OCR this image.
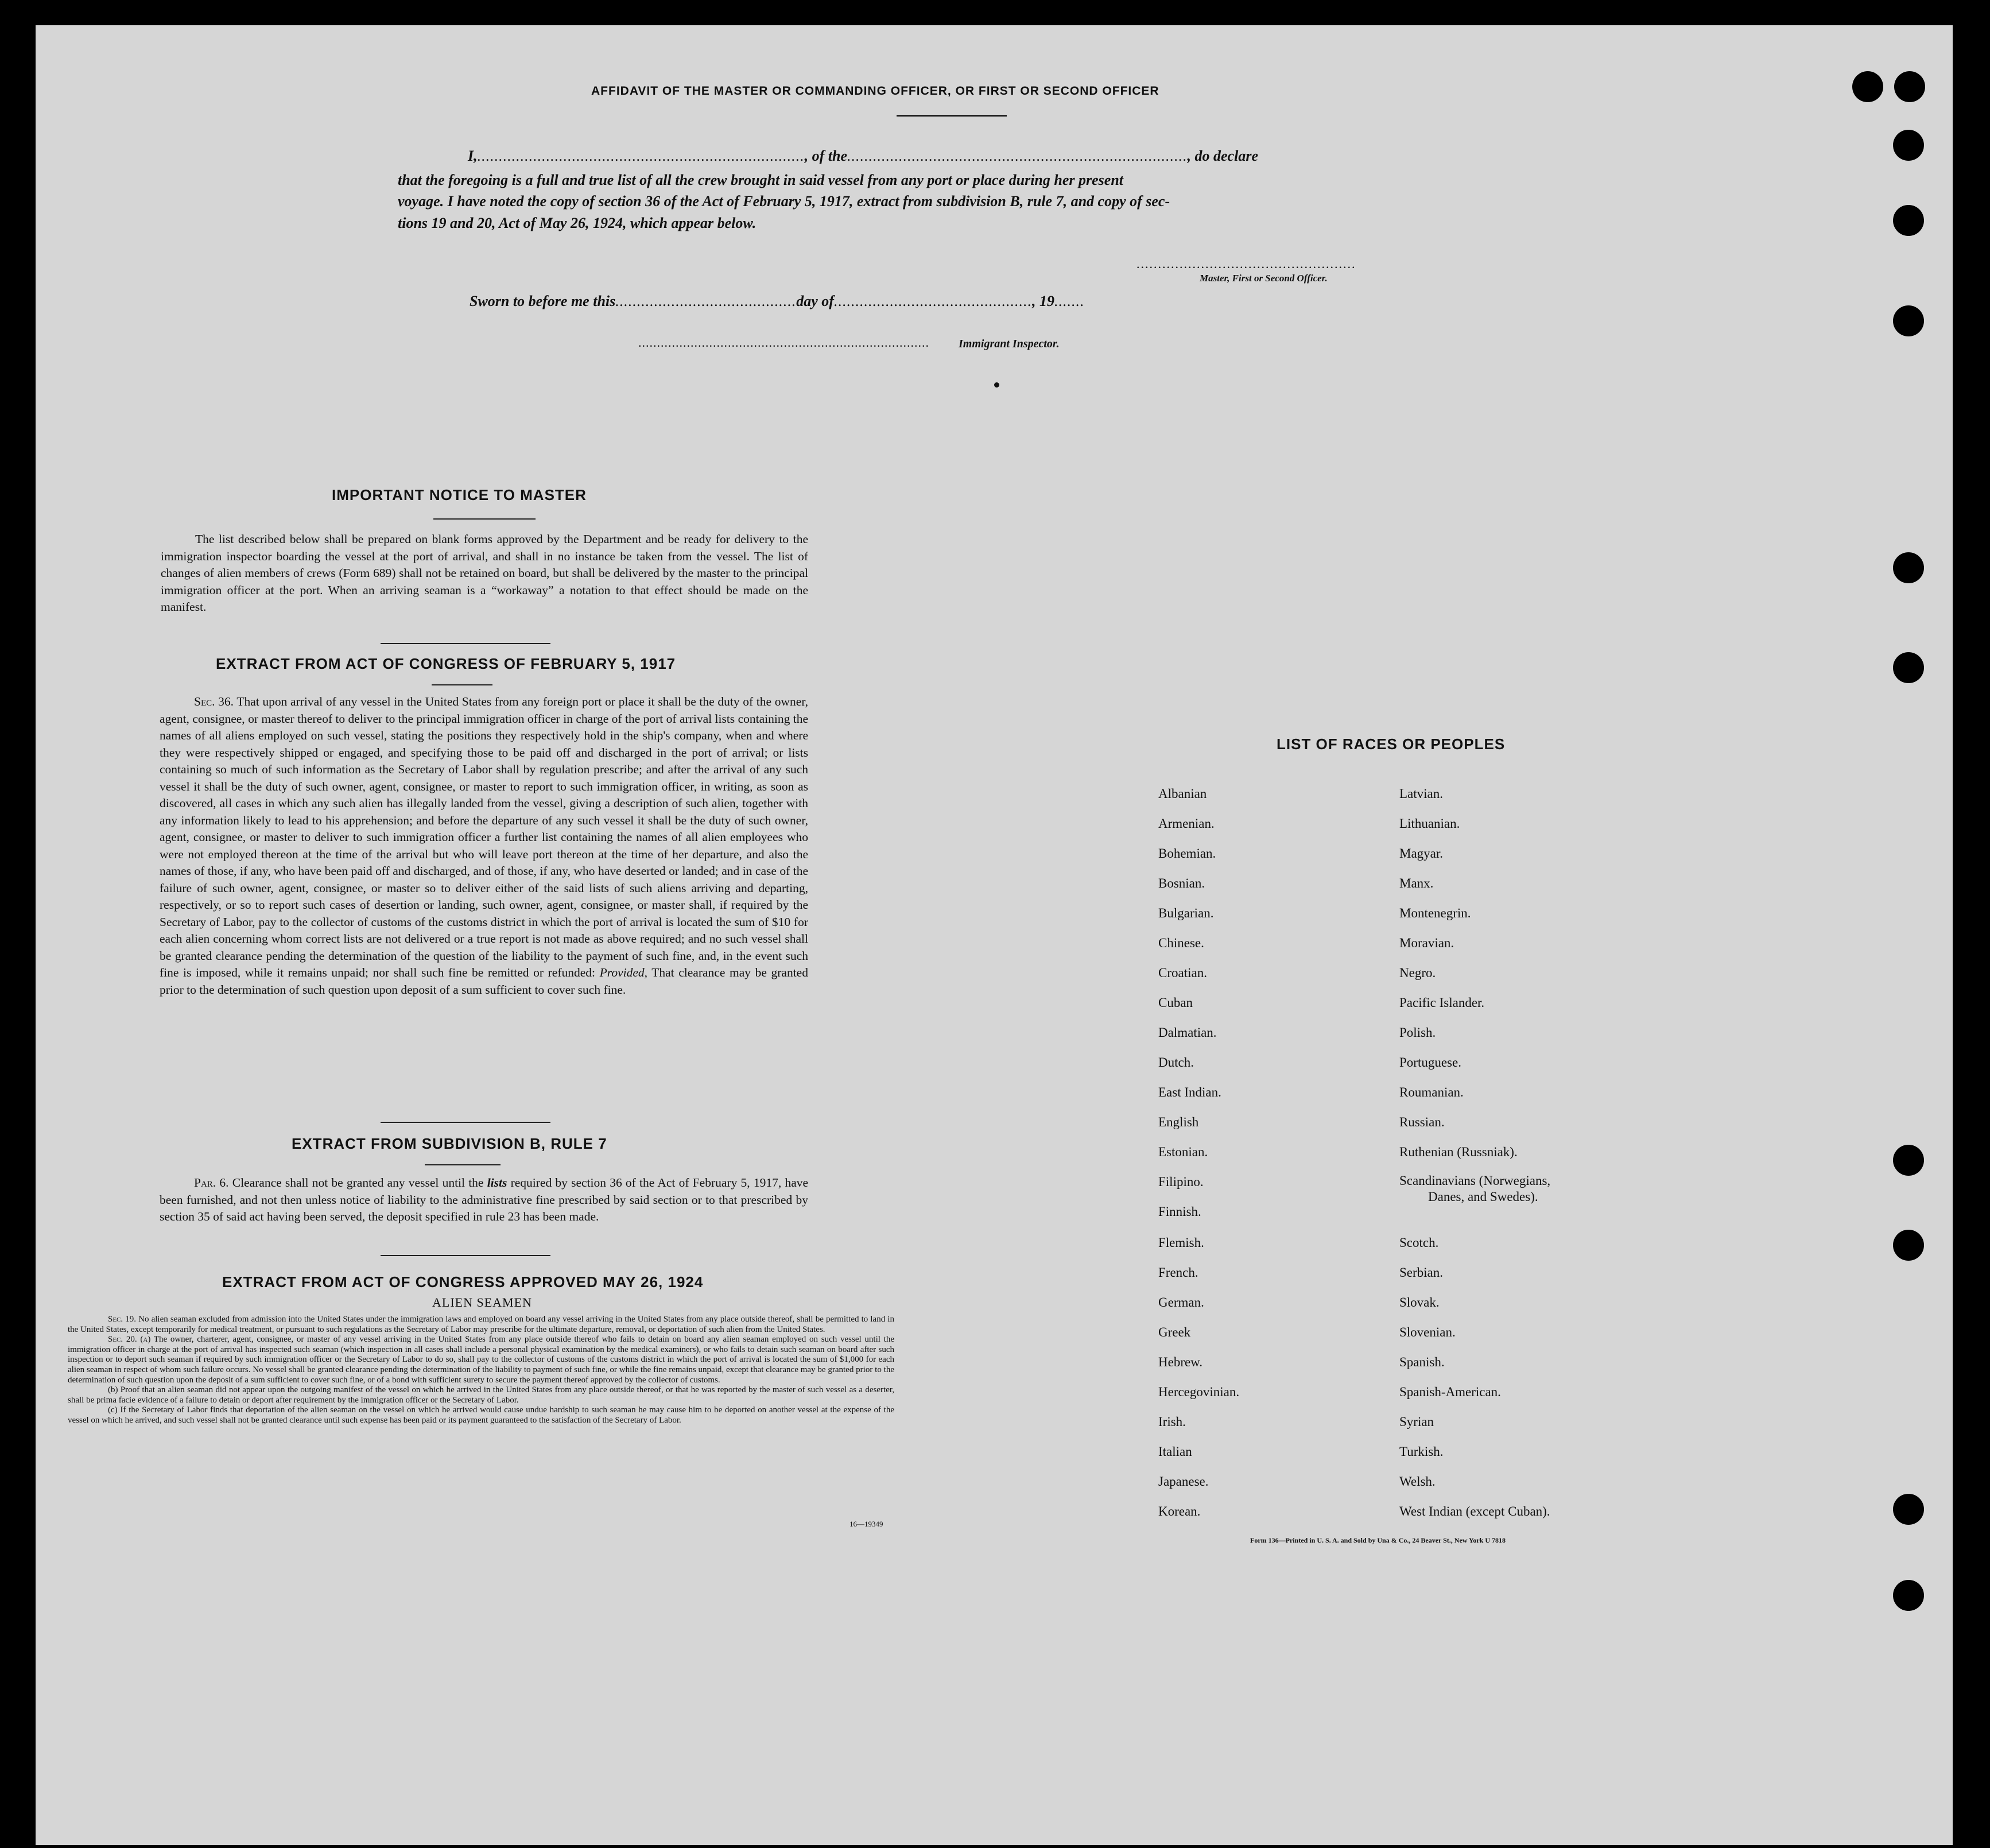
AFFIDAVIT OF THE MASTER OR COMMANDING OFFICER, OR FIRST OR SECOND OFFICER
I,............................................................................, of the..............................................................................., do declare
that the foregoing is a full and true list of all the crew brought in said vessel from any port or place during her present
voyage. I have noted the copy of section 36 of the Act of February 5, 1917, extract from subdivision B, rule 7, and copy of sec-
tions 19 and 20, Act of May 26, 1924, which appear below.
...................................................
Master, First or Second Officer.
Sworn to before me this..........................................day of.............................................., 19.......
..............................................................................	Immigrant Inspector.
IMPORTANT NOTICE TO MASTER
The list described below shall be prepared on blank forms approved by the Department and be ready for delivery to the immigration inspector boarding the vessel at the port of arrival, and shall in no instance be taken from the vessel. The list of changes of alien members of crews (Form 689) shall not be retained on board, but shall be delivered by the master to the principal immigration officer at the port. When an arriving seaman is a “workaway” a notation to that effect should be made on the manifest.
EXTRACT FROM ACT OF CONGRESS OF FEBRUARY 5, 1917
Sec. 36. That upon arrival of any vessel in the United States from any foreign port or place it shall be the duty of the owner, agent, consignee, or master thereof to deliver to the principal immigration officer in charge of the port of arrival lists containing the names of all aliens employed on such vessel, stating the positions they respectively hold in the ship's company, when and where they were respectively shipped or engaged, and specifying those to be paid off and discharged in the port of arrival; or lists containing so much of such information as the Secretary of Labor shall by regulation prescribe; and after the arrival of any such vessel it shall be the duty of such owner, agent, consignee, or master to report to such immigration officer, in writing, as soon as discovered, all cases in which any such alien has illegally landed from the vessel, giving a description of such alien, together with any information likely to lead to his apprehension; and before the departure of any such vessel it shall be the duty of such owner, agent, consignee, or master to deliver to such immigration officer a further list containing the names of all alien employees who were not employed thereon at the time of the arrival but who will leave port thereon at the time of her departure, and also the names of those, if any, who have been paid off and discharged, and of those, if any, who have deserted or landed; and in case of the failure of such owner, agent, consignee, or master so to deliver either of the said lists of such aliens arriving and departing, respectively, or so to report such cases of desertion or landing, such owner, agent, consignee, or master shall, if required by the Secretary of Labor, pay to the collector of customs of the customs district in which the port of arrival is located the sum of $10 for each alien concerning whom correct lists are not delivered or a true report is not made as above required; and no such vessel shall be granted clearance pending the determination of the question of the liability to the payment of such fine, and, in the event such fine is imposed, while it remains unpaid; nor shall such fine be remitted or refunded: Provided, That clearance may be granted prior to the determination of such question upon deposit of a sum sufficient to cover such fine.
EXTRACT FROM SUBDIVISION B, RULE 7
Par. 6. Clearance shall not be granted any vessel until the lists required by section 36 of the Act of February 5, 1917, have been furnished, and not then unless notice of liability to the administrative fine prescribed by said section or to that prescribed by section 35 of said act having been served, the deposit specified in rule 23 has been made.
EXTRACT FROM ACT OF CONGRESS APPROVED MAY 26, 1924
ALIEN SEAMEN
Sec. 19. No alien seaman excluded from admission into the United States under the immigration laws and employed on board any vessel arriving in the United States from any place outside thereof, shall be permitted to land in the United States, except temporarily for medical treatment, or pursuant to such regulations as the Secretary of Labor may prescribe for the ultimate departure, removal, or deportation of such alien from the United States.
Sec. 20. (a) The owner, charterer, agent, consignee, or master of any vessel arriving in the United States from any place outside thereof who fails to detain on board any alien seaman employed on such vessel until the immigration officer in charge at the port of arrival has inspected such seaman (which inspection in all cases shall include a personal physical examination by the medical examiners), or who fails to detain such seaman on board after such inspection or to deport such seaman if required by such immigration officer or the Secretary of Labor to do so, shall pay to the collector of customs of the customs district in which the port of arrival is located the sum of $1,000 for each alien seaman in respect of whom such failure occurs. No vessel shall be granted clearance pending the determination of the liability to payment of such fine, or while the fine remains unpaid, except that clearance may be granted prior to the determination of such question upon the deposit of a sum sufficient to cover such fine, or of a bond with sufficient surety to secure the payment thereof approved by the collector of customs.
(b) Proof that an alien seaman did not appear upon the outgoing manifest of the vessel on which he arrived in the United States from any place outside thereof, or that he was reported by the master of such vessel as a deserter, shall be prima facie evidence of a failure to detain or deport after requirement by the immigration officer or the Secretary of Labor.
(c) If the Secretary of Labor finds that deportation of the alien seaman on the vessel on which he arrived would cause undue hardship to such seaman he may cause him to be deported on another vessel at the expense of the vessel on which he arrived, and such vessel shall not be granted clearance until such expense has been paid or its payment guaranteed to the satisfaction of the Secretary of Labor.
16—19349
LIST OF RACES OR PEOPLES
Albanian
Armenian.
Bohemian.
Bosnian.
Bulgarian.
Chinese.
Croatian.
Cuban
Dalmatian.
Dutch.
East Indian.
English
Estonian.
Filipino.
Finnish.
Flemish.
French.
German.
Greek
Hebrew.
Hercegovinian.
Irish.
Italian
Japanese.
Korean.
Latvian.
Lithuanian.
Magyar.
Manx.
Montenegrin.
Moravian.
Negro.
Pacific Islander.
Polish.
Portuguese.
Roumanian.
Russian.
Ruthenian (Russniak).
Scandinavians (Norwegians,
Danes, and Swedes).
Scotch.
Serbian.
Slovak.
Slovenian.
Spanish.
Spanish-American.
Syrian
Turkish.
Welsh.
West Indian (except Cuban).
Form 136—Printed in U. S. A. and Sold by Una & Co., 24 Beaver St., New York U 7818
